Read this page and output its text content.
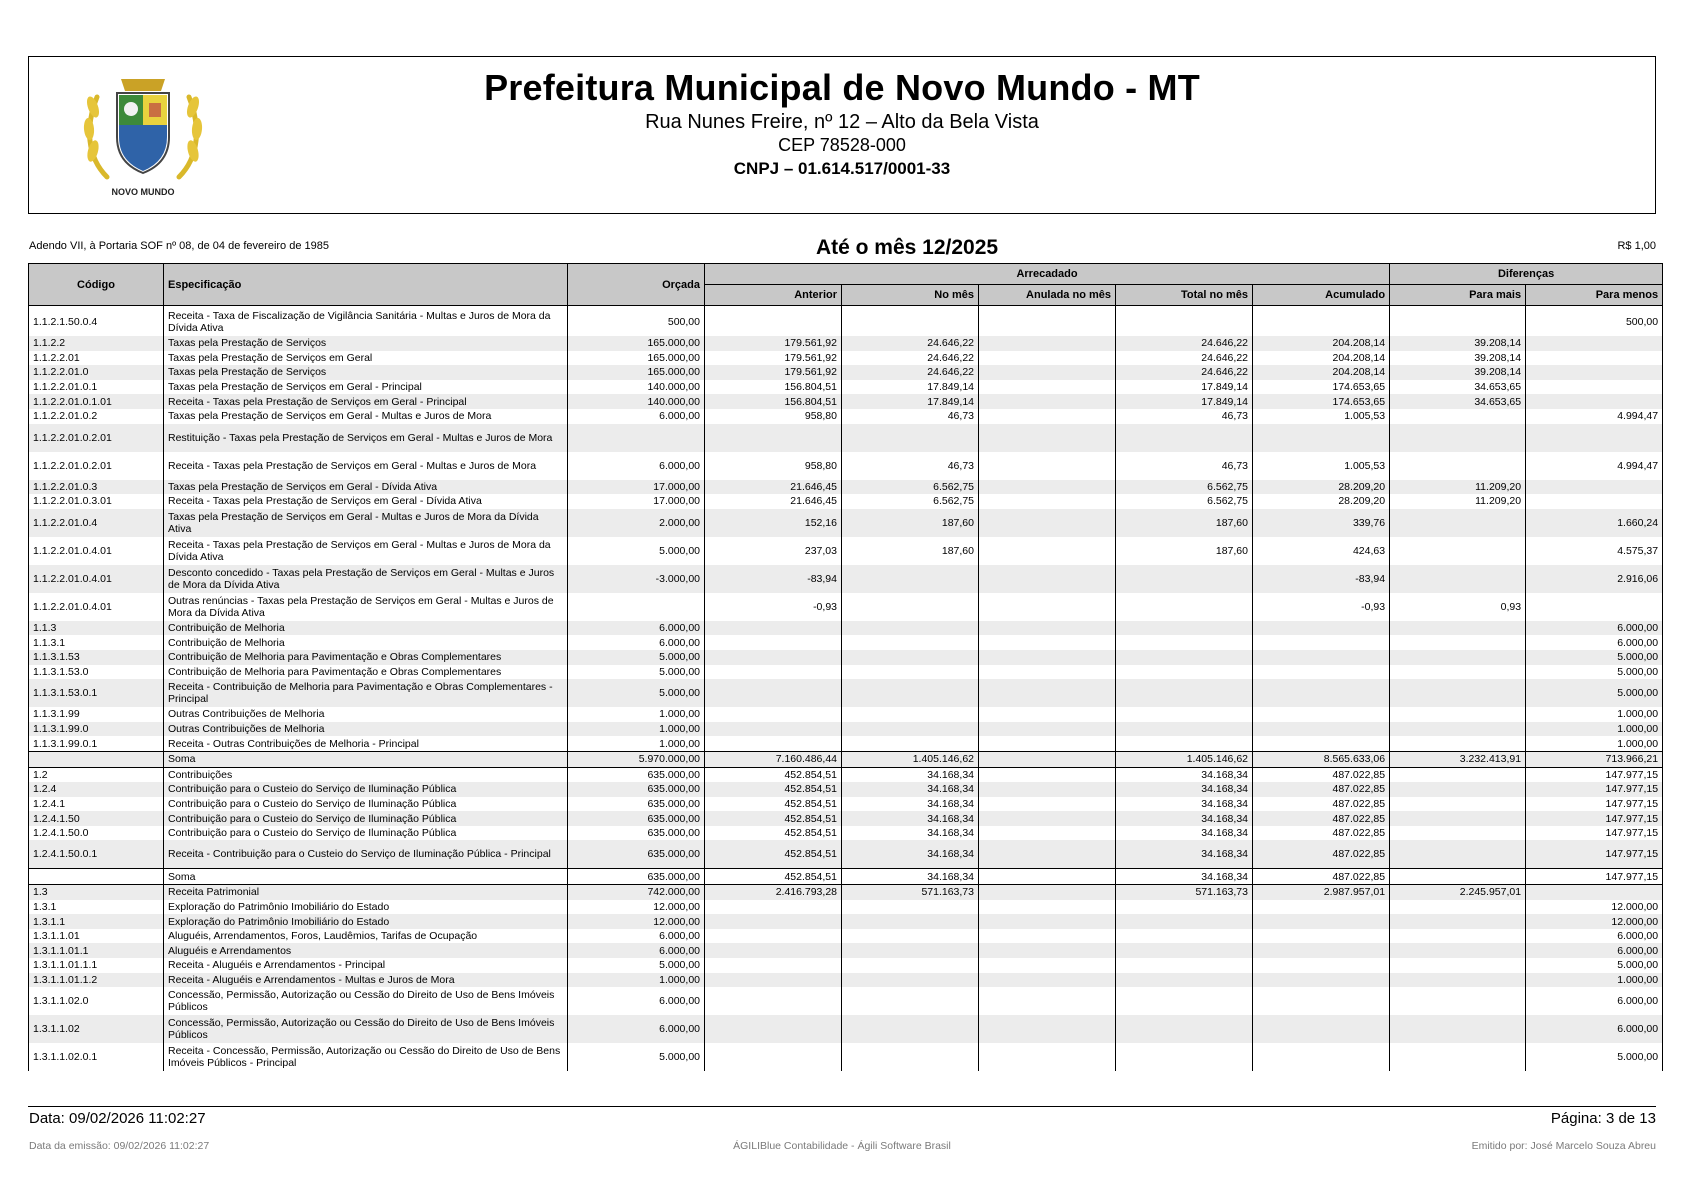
NOVO MUNDO
Prefeitura Municipal de Novo Mundo - MT
Rua Nunes Freire, nº 12 – Alto da Bela Vista
CEP 78528-000
CNPJ – 01.614.517/0001-33
Adendo VII, à Portaria SOF nº 08, de 04 de fevereiro de 1985	Até o mês 12/2025	R$ 1,00
Código	Especificação	Orçada	Arrecadado					Diferenças	
			Anterior	No mês	Anulada no mês	Total no mês	Acumulado	Para mais	Para menos
1.1.2.1.50.0.4	Receita - Taxa de Fiscalização de Vigilância Sanitária - Multas e Juros de Mora da Dívida Ativa	500,00							500,00
1.1.2.2	Taxas pela Prestação de Serviços	165.000,00	179.561,92	24.646,22		24.646,22	204.208,14	39.208,14	
1.1.2.2.01	Taxas pela Prestação de Serviços em Geral	165.000,00	179.561,92	24.646,22		24.646,22	204.208,14	39.208,14	
1.1.2.2.01.0	Taxas pela Prestação de Serviços	165.000,00	179.561,92	24.646,22		24.646,22	204.208,14	39.208,14	
1.1.2.2.01.0.1	Taxas pela Prestação de Serviços em Geral - Principal	140.000,00	156.804,51	17.849,14		17.849,14	174.653,65	34.653,65	
1.1.2.2.01.0.1.01	Receita - Taxas pela Prestação de Serviços em Geral - Principal	140.000,00	156.804,51	17.849,14		17.849,14	174.653,65	34.653,65	
1.1.2.2.01.0.2	Taxas pela Prestação de Serviços em Geral - Multas e Juros de Mora	6.000,00	958,80	46,73		46,73	1.005,53		4.994,47
1.1.2.2.01.0.2.01	Restituição - Taxas pela Prestação de Serviços em Geral - Multas e Juros de Mora								
1.1.2.2.01.0.2.01	Receita - Taxas pela Prestação de Serviços em Geral - Multas e Juros de Mora	6.000,00	958,80	46,73		46,73	1.005,53		4.994,47
1.1.2.2.01.0.3	Taxas pela Prestação de Serviços em Geral - Dívida Ativa	17.000,00	21.646,45	6.562,75		6.562,75	28.209,20	11.209,20	
1.1.2.2.01.0.3.01	Receita - Taxas pela Prestação de Serviços em Geral - Dívida Ativa	17.000,00	21.646,45	6.562,75		6.562,75	28.209,20	11.209,20	
1.1.2.2.01.0.4	Taxas pela Prestação de Serviços em Geral - Multas e Juros de Mora da Dívida Ativa	2.000,00	152,16	187,60		187,60	339,76		1.660,24
1.1.2.2.01.0.4.01	Receita - Taxas pela Prestação de Serviços em Geral - Multas e Juros de Mora da Dívida Ativa	5.000,00	237,03	187,60		187,60	424,63		4.575,37
1.1.2.2.01.0.4.01	Desconto concedido - Taxas pela Prestação de Serviços em Geral - Multas e Juros de Mora da Dívida Ativa	-3.000,00	-83,94				-83,94		2.916,06
1.1.2.2.01.0.4.01	Outras renúncias - Taxas pela Prestação de Serviços em Geral - Multas e Juros de Mora da Dívida Ativa		-0,93				-0,93	0,93	
1.1.3	Contribuição de Melhoria	6.000,00							6.000,00
1.1.3.1	Contribuição de Melhoria	6.000,00							6.000,00
1.1.3.1.53	Contribuição de Melhoria para Pavimentação e Obras Complementares	5.000,00							5.000,00
1.1.3.1.53.0	Contribuição de Melhoria para Pavimentação e Obras Complementares	5.000,00							5.000,00
1.1.3.1.53.0.1	Receita - Contribuição de Melhoria para Pavimentação e Obras Complementares - Principal	5.000,00							5.000,00
1.1.3.1.99	Outras Contribuições de Melhoria	1.000,00							1.000,00
1.1.3.1.99.0	Outras Contribuições de Melhoria	1.000,00							1.000,00
1.1.3.1.99.0.1	Receita - Outras Contribuições de Melhoria - Principal	1.000,00							1.000,00
	Soma	5.970.000,00	7.160.486,44	1.405.146,62		1.405.146,62	8.565.633,06	3.232.413,91	713.966,21
1.2	Contribuições	635.000,00	452.854,51	34.168,34		34.168,34	487.022,85		147.977,15
1.2.4	Contribuição para o Custeio do Serviço de Iluminação Pública	635.000,00	452.854,51	34.168,34		34.168,34	487.022,85		147.977,15
1.2.4.1	Contribuição para o Custeio do Serviço de Iluminação Pública	635.000,00	452.854,51	34.168,34		34.168,34	487.022,85		147.977,15
1.2.4.1.50	Contribuição para o Custeio do Serviço de Iluminação Pública	635.000,00	452.854,51	34.168,34		34.168,34	487.022,85		147.977,15
1.2.4.1.50.0	Contribuição para o Custeio do Serviço de Iluminação Pública	635.000,00	452.854,51	34.168,34		34.168,34	487.022,85		147.977,15
1.2.4.1.50.0.1	Receita - Contribuição para o Custeio do Serviço de Iluminação Pública - Principal	635.000,00	452.854,51	34.168,34		34.168,34	487.022,85		147.977,15
	Soma	635.000,00	452.854,51	34.168,34		34.168,34	487.022,85		147.977,15
1.3	Receita Patrimonial	742.000,00	2.416.793,28	571.163,73		571.163,73	2.987.957,01	2.245.957,01	
1.3.1	Exploração do Patrimônio Imobiliário do Estado	12.000,00							12.000,00
1.3.1.1	Exploração do Patrimônio Imobiliário do Estado	12.000,00							12.000,00
1.3.1.1.01	Aluguéis, Arrendamentos, Foros, Laudêmios, Tarifas de Ocupação	6.000,00							6.000,00
1.3.1.1.01.1	Aluguéis e Arrendamentos	6.000,00							6.000,00
1.3.1.1.01.1.1	Receita - Aluguéis e Arrendamentos - Principal	5.000,00							5.000,00
1.3.1.1.01.1.2	Receita - Aluguéis e Arrendamentos - Multas e Juros de Mora	1.000,00							1.000,00
1.3.1.1.02.0	Concessão, Permissão, Autorização ou Cessão do Direito de Uso de Bens Imóveis Públicos	6.000,00							6.000,00
1.3.1.1.02	Concessão, Permissão, Autorização ou Cessão do Direito de Uso de Bens Imóveis Públicos	6.000,00							6.000,00
1.3.1.1.02.0.1	Receita - Concessão, Permissão, Autorização ou Cessão do Direito de Uso de Bens Imóveis Públicos - Principal	5.000,00							5.000,00
Data: 09/02/2026 11:02:27	Página: 3 de 13
Data da emissão: 09/02/2026 11:02:27	ÁGILIBlue Contabilidade - Ágili Software Brasil	Emitido por: José Marcelo Souza Abreu
